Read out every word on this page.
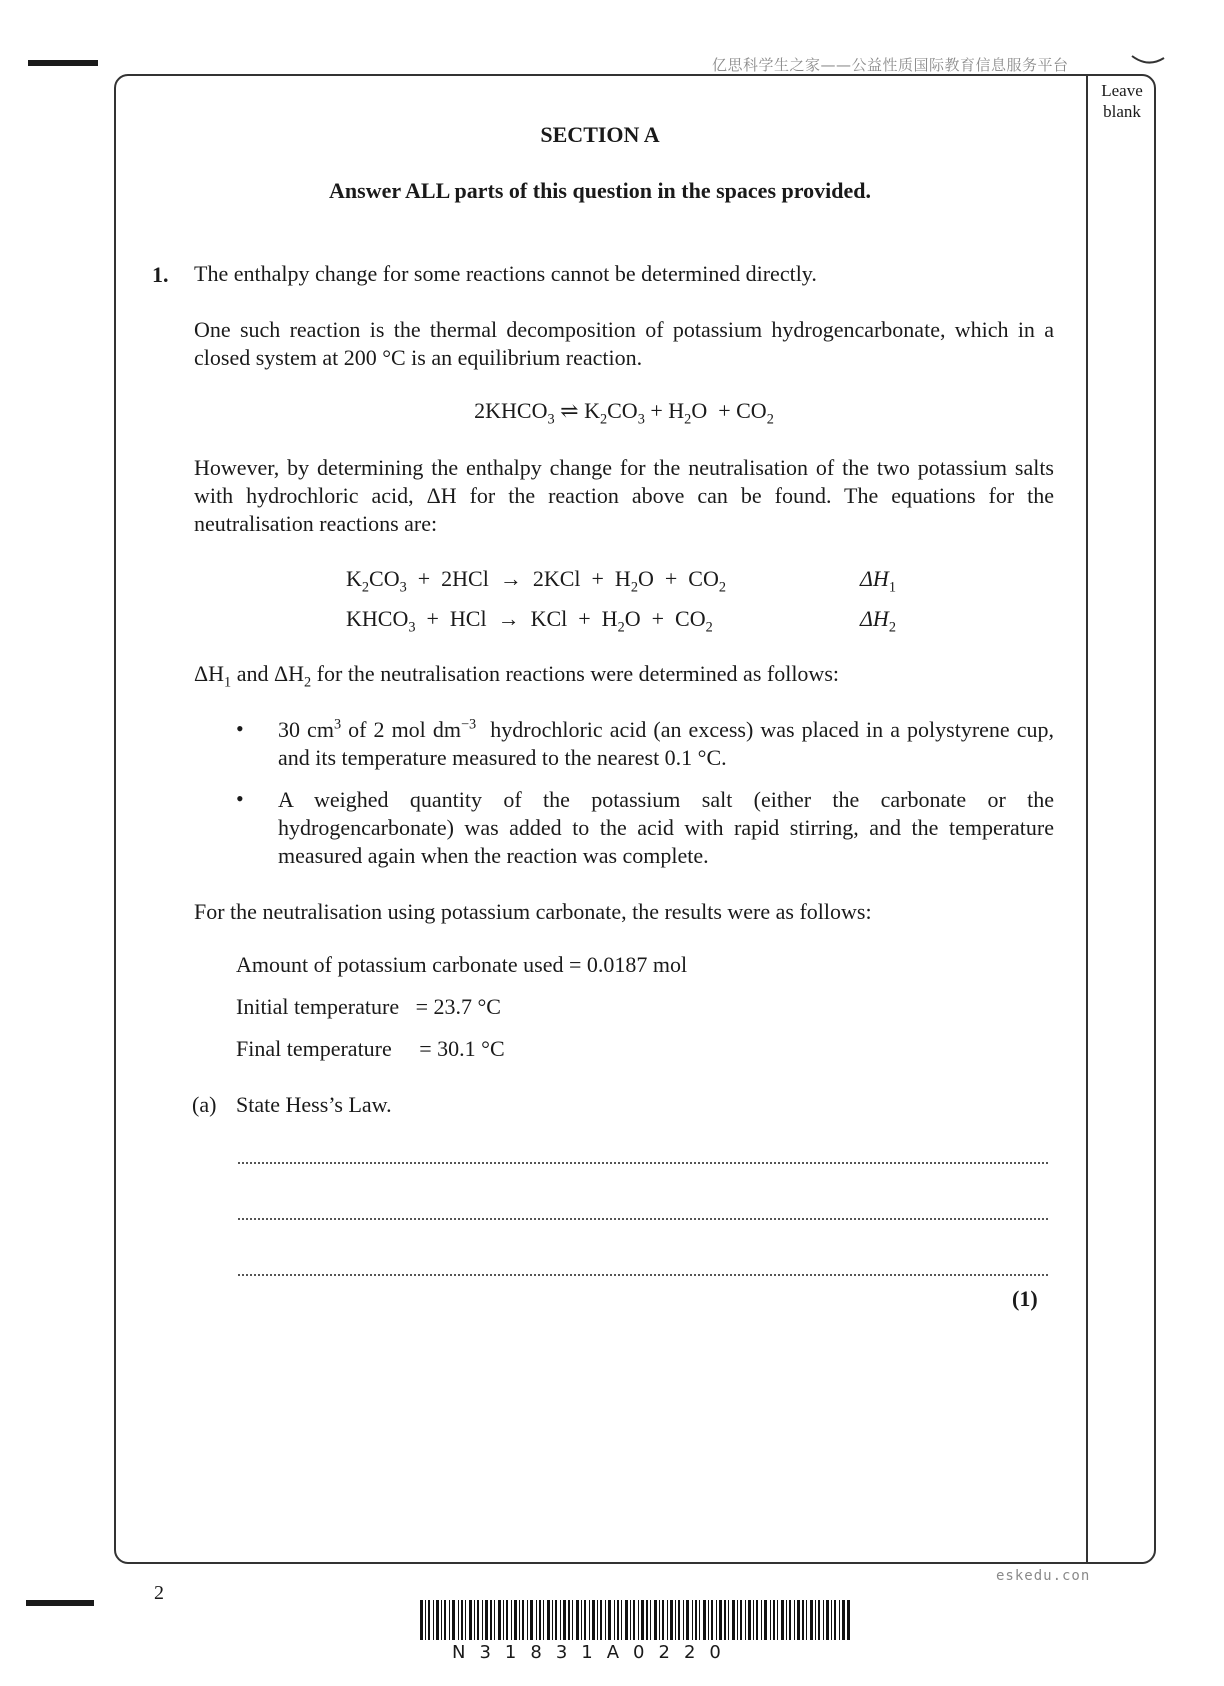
亿思科学生之家——公益性质国际教育信息服务平台
Leave blank
SECTION A
Answer ALL parts of this question in the spaces provided.
1. The enthalpy change for some reactions cannot be determined directly.
One such reaction is the thermal decomposition of potassium hydrogencarbonate, which in a closed system at 200 °C is an equilibrium reaction.
$2KHCO_3$ ⇌ $K_2CO_3 + H_2O + CO_2$
However, by determining the enthalpy change for the neutralisation of the two potassium salts with hydrochloric acid, ΔH for the reaction above can be found. The equations for the neutralisation reactions are:
$K_2CO_3 + 2HCl \to 2KCl + H_2O + CO_2$	$\Delta H_1$
$KHCO_3$ +  HCl  →  KCl  +  $H_2O + CO_2$	$\Delta H_2$
$\Delta H_1$ and $\Delta H_2$ for the neutralisation reactions were determined as follows:
• 30 $cm^3$ of 2 mol $dm^{-3}$  hydrochloric acid (an excess) was placed in a polystyrene cup, and its temperature measured to the nearest 0.1 °C.
• A weighed quantity of the potassium salt (either the carbonate or the hydrogencarbonate) was added to the acid with rapid stirring, and the temperature measured again when the reaction was complete.
For the neutralisation using potassium carbonate, the results were as follows:
Amount of potassium carbonate used = 0.0187 mol
Initial temperature   = 23.7 °C
Final temperature     = 30.1 °C
(a) State Hess’s Law.
(1)
eskedu.con
2
N31831A0220
